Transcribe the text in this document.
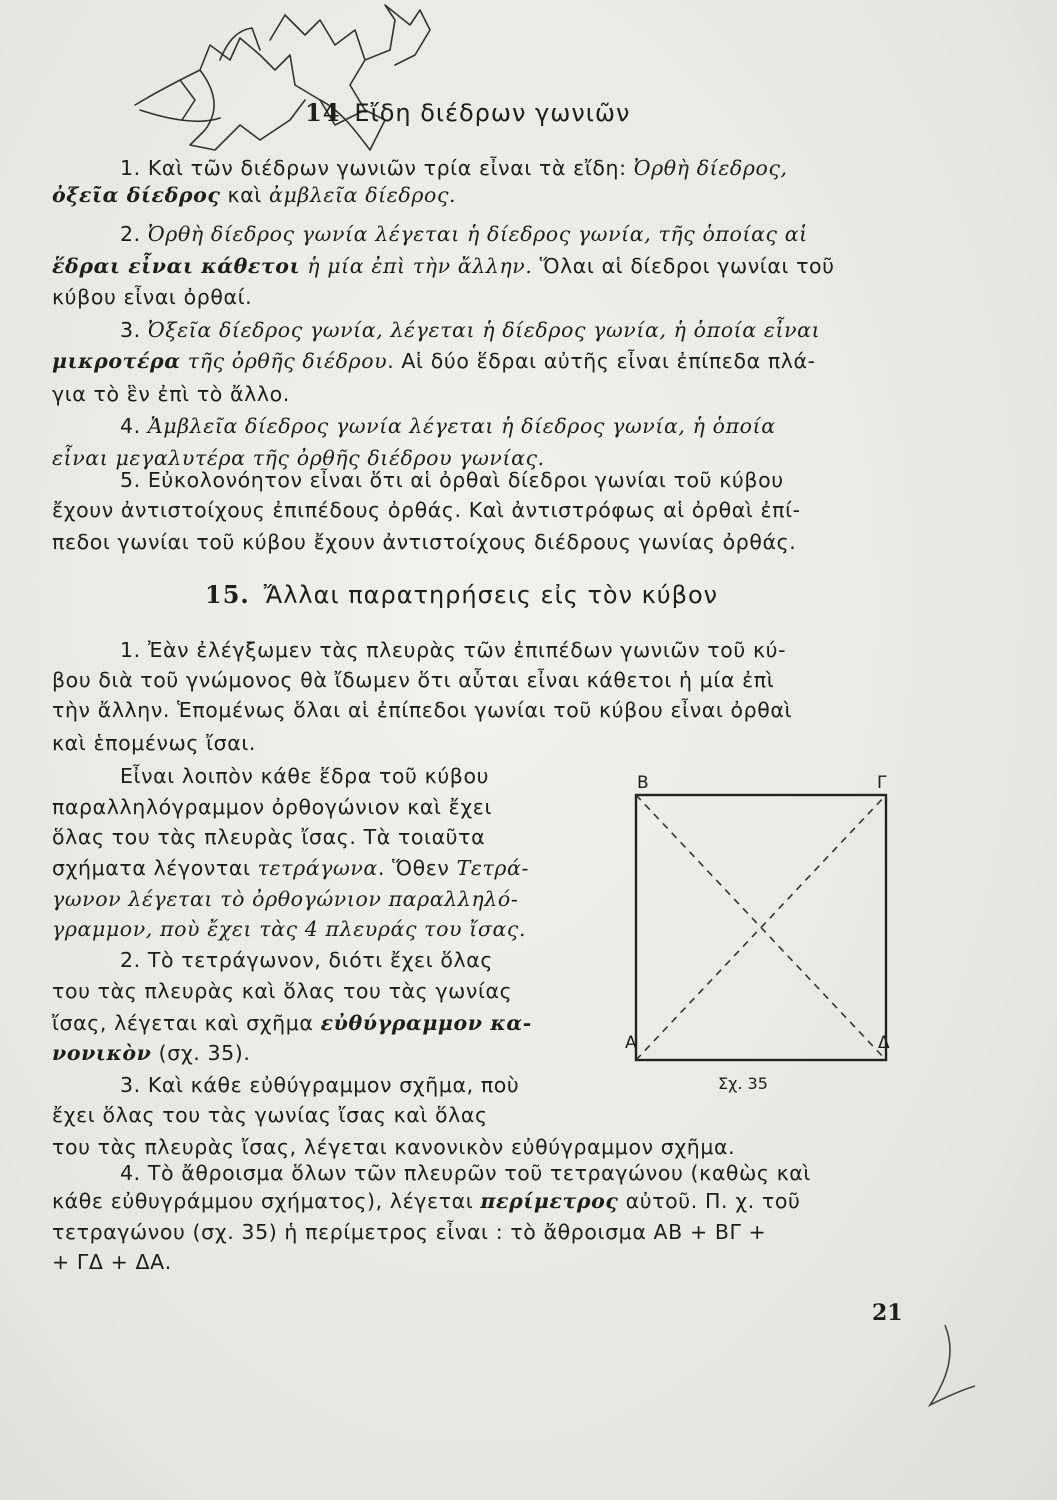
14 Εἴδη διέδρων γωνιῶν
1. Καὶ τῶν διέδρων γωνιῶν τρία εἶναι τὰ εἴδη: Ὀρθὴ δίεδρος,
ὀξεῖα δίεδρος καὶ ἀμβλεῖα δίεδρος.
2. Ὀρθὴ δίεδρος γωνία λέγεται ἡ δίεδρος γωνία, τῆς ὁποίας αἱ
ἕδραι εἶναι κάθετοι ἡ μία ἐπὶ τὴν ἄλλην. Ὅλαι αἱ δίεδροι γωνίαι τοῦ
κύβου εἶναι ὀρθαί.
3. Ὀξεῖα δίεδρος γωνία, λέγεται ἡ δίεδρος γωνία, ἡ ὁποία εἶναι
μικροτέρα τῆς ὀρθῆς διέδρου. Αἱ δύο ἕδραι αὐτῆς εἶναι ἐπίπεδα πλά-
για τὸ ἓν ἐπὶ τὸ ἄλλο.
4. Ἀμβλεῖα δίεδρος γωνία λέγεται ἡ δίεδρος γωνία, ἡ ὁποία
εἶναι μεγαλυτέρα τῆς ὀρθῆς διέδρου γωνίας.
5. Εὐκολονόητον εἶναι ὅτι αἱ ὀρθαὶ δίεδροι γωνίαι τοῦ κύβου
ἔχουν ἀντιστοίχους ἐπιπέδους ὀρθάς. Καὶ ἀντιστρόφως αἱ ὀρθαὶ ἐπί-
πεδοι γωνίαι τοῦ κύβου ἔχουν ἀντιστοίχους διέδρους γωνίας ὀρθάς.
15. Ἄλλαι παρατηρήσεις εἰς τὸν κύβον
1. Ἐὰν ἐλέγξωμεν τὰς πλευρὰς τῶν ἐπιπέδων γωνιῶν τοῦ κύ-
βου διὰ τοῦ γνώμονος θὰ ἴδωμεν ὅτι αὗται εἶναι κάθετοι ἡ μία ἐπὶ
τὴν ἄλλην. Ἑπομένως ὅλαι αἱ ἐπίπεδοι γωνίαι τοῦ κύβου εἶναι ὀρθαὶ
καὶ ἑπομένως ἴσαι.
Εἶναι λοιπὸν κάθε ἕδρα τοῦ κύβου
παραλληλόγραμμον ὀρθογώνιον καὶ ἔχει
ὅλας του τὰς πλευρὰς ἴσας. Τὰ τοιαῦτα
σχήματα λέγονται τετράγωνα. Ὅθεν Τετρά-
γωνον λέγεται τὸ ὀρθογώνιον παραλληλό-
γραμμον, ποὺ ἔχει τὰς 4 πλευράς του ἴσας.
2. Τὸ τετράγωνον, διότι ἔχει ὅλας
του τὰς πλευρὰς καὶ ὅλας του τὰς γωνίας
ἴσας, λέγεται καὶ σχῆμα εὐθύγραμμον κα-
νονικὸν (σχ. 35).
3. Καὶ κάθε εὐθύγραμμον σχῆμα, ποὺ
ἔχει ὅλας του τὰς γωνίας ἴσας καὶ ὅλας
του τὰς πλευρὰς ἴσας, λέγεται κανονικὸν εὐθύγραμμον σχῆμα.
4. Τὸ ἄθροισμα ὅλων τῶν πλευρῶν τοῦ τετραγώνου (καθὼς καὶ
κάθε εὐθυγράμμου σχήματος), λέγεται περίμετρος αὐτοῦ. Π. χ. τοῦ
τετραγώνου (σχ. 35) ἡ περίμετρος εἶναι : τὸ ἄθροισμα ΑΒ + ΒΓ +
+ ΓΔ + ΔΑ.
Β	Γ
Α	Δ
Σχ. 35
21
